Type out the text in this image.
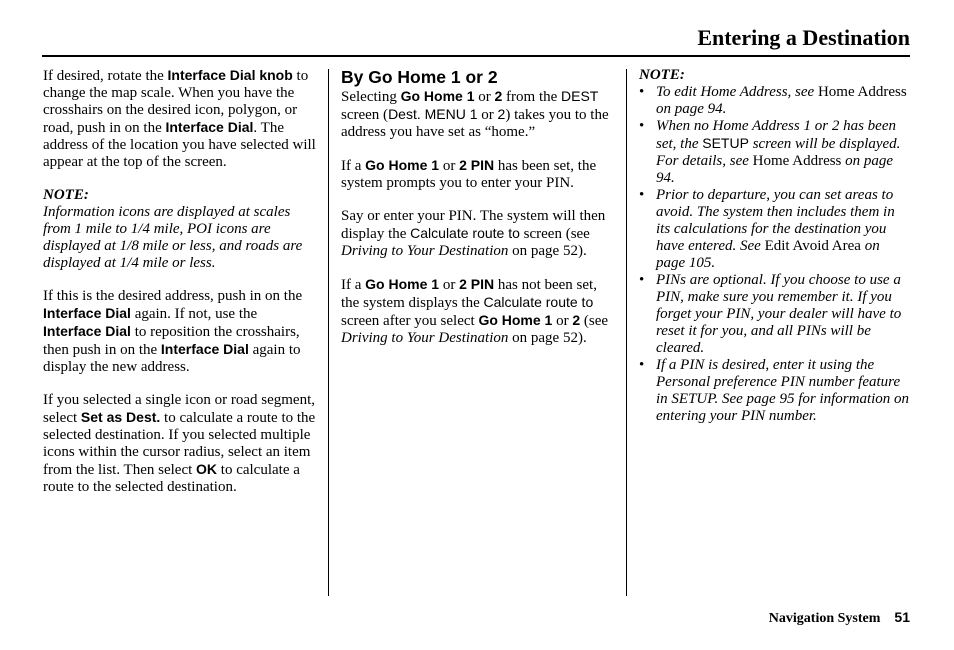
Entering a Destination

If desired, rotate the Interface Dial knob to change the map scale. When you have the crosshairs on the desired icon, polygon, or road, push in on the Interface Dial. The address of the location you have selected will appear at the top of the screen.

NOTE:

Information icons are displayed at scales from 1 mile to 1/4 mile, POI icons are displayed at 1/8 mile or less, and roads are displayed at 1/4 mile or less.

If this is the desired address, push in on the Interface Dial again. If not, use the Interface Dial to reposition the crosshairs, then push in on the Interface Dial again to display the new address.

If you selected a single icon or road segment, select Set as Dest. to calculate a route to the selected destination. If you selected multiple icons within the cursor radius, select an item from the list. Then select OK to calculate a route to the selected destination.

By Go Home 1 or 2

Selecting Go Home 1 or 2 from the DEST screen (Dest. MENU 1 or 2) takes you to the address you have set as “home.”

If a Go Home 1 or 2 PIN has been set, the system prompts you to enter your PIN.

Say or enter your PIN. The system will then display the Calculate route to screen (see Driving to Your Destination on page 52).

If a Go Home 1 or 2 PIN has not been set, the system displays the Calculate route to screen after you select Go Home 1 or 2 (see Driving to Your Destination on page 52).

NOTE:
• To edit Home Address, see Home Address on page 94.
• When no Home Address 1 or 2 has been set, the SETUP screen will be displayed. For details, see Home Address on page 94.
• Prior to departure, you can set areas to avoid. The system then includes them in its calculations for the destination you have entered. See Edit Avoid Area on page 105.
• PINs are optional. If you choose to use a PIN, make sure you remember it. If you forget your PIN, your dealer will have to reset it for you, and all PINs will be cleared.
• If a PIN is desired, enter it using the Personal preference PIN number feature in SETUP. See page 95 for information on entering your PIN number.
Navigation System 51
